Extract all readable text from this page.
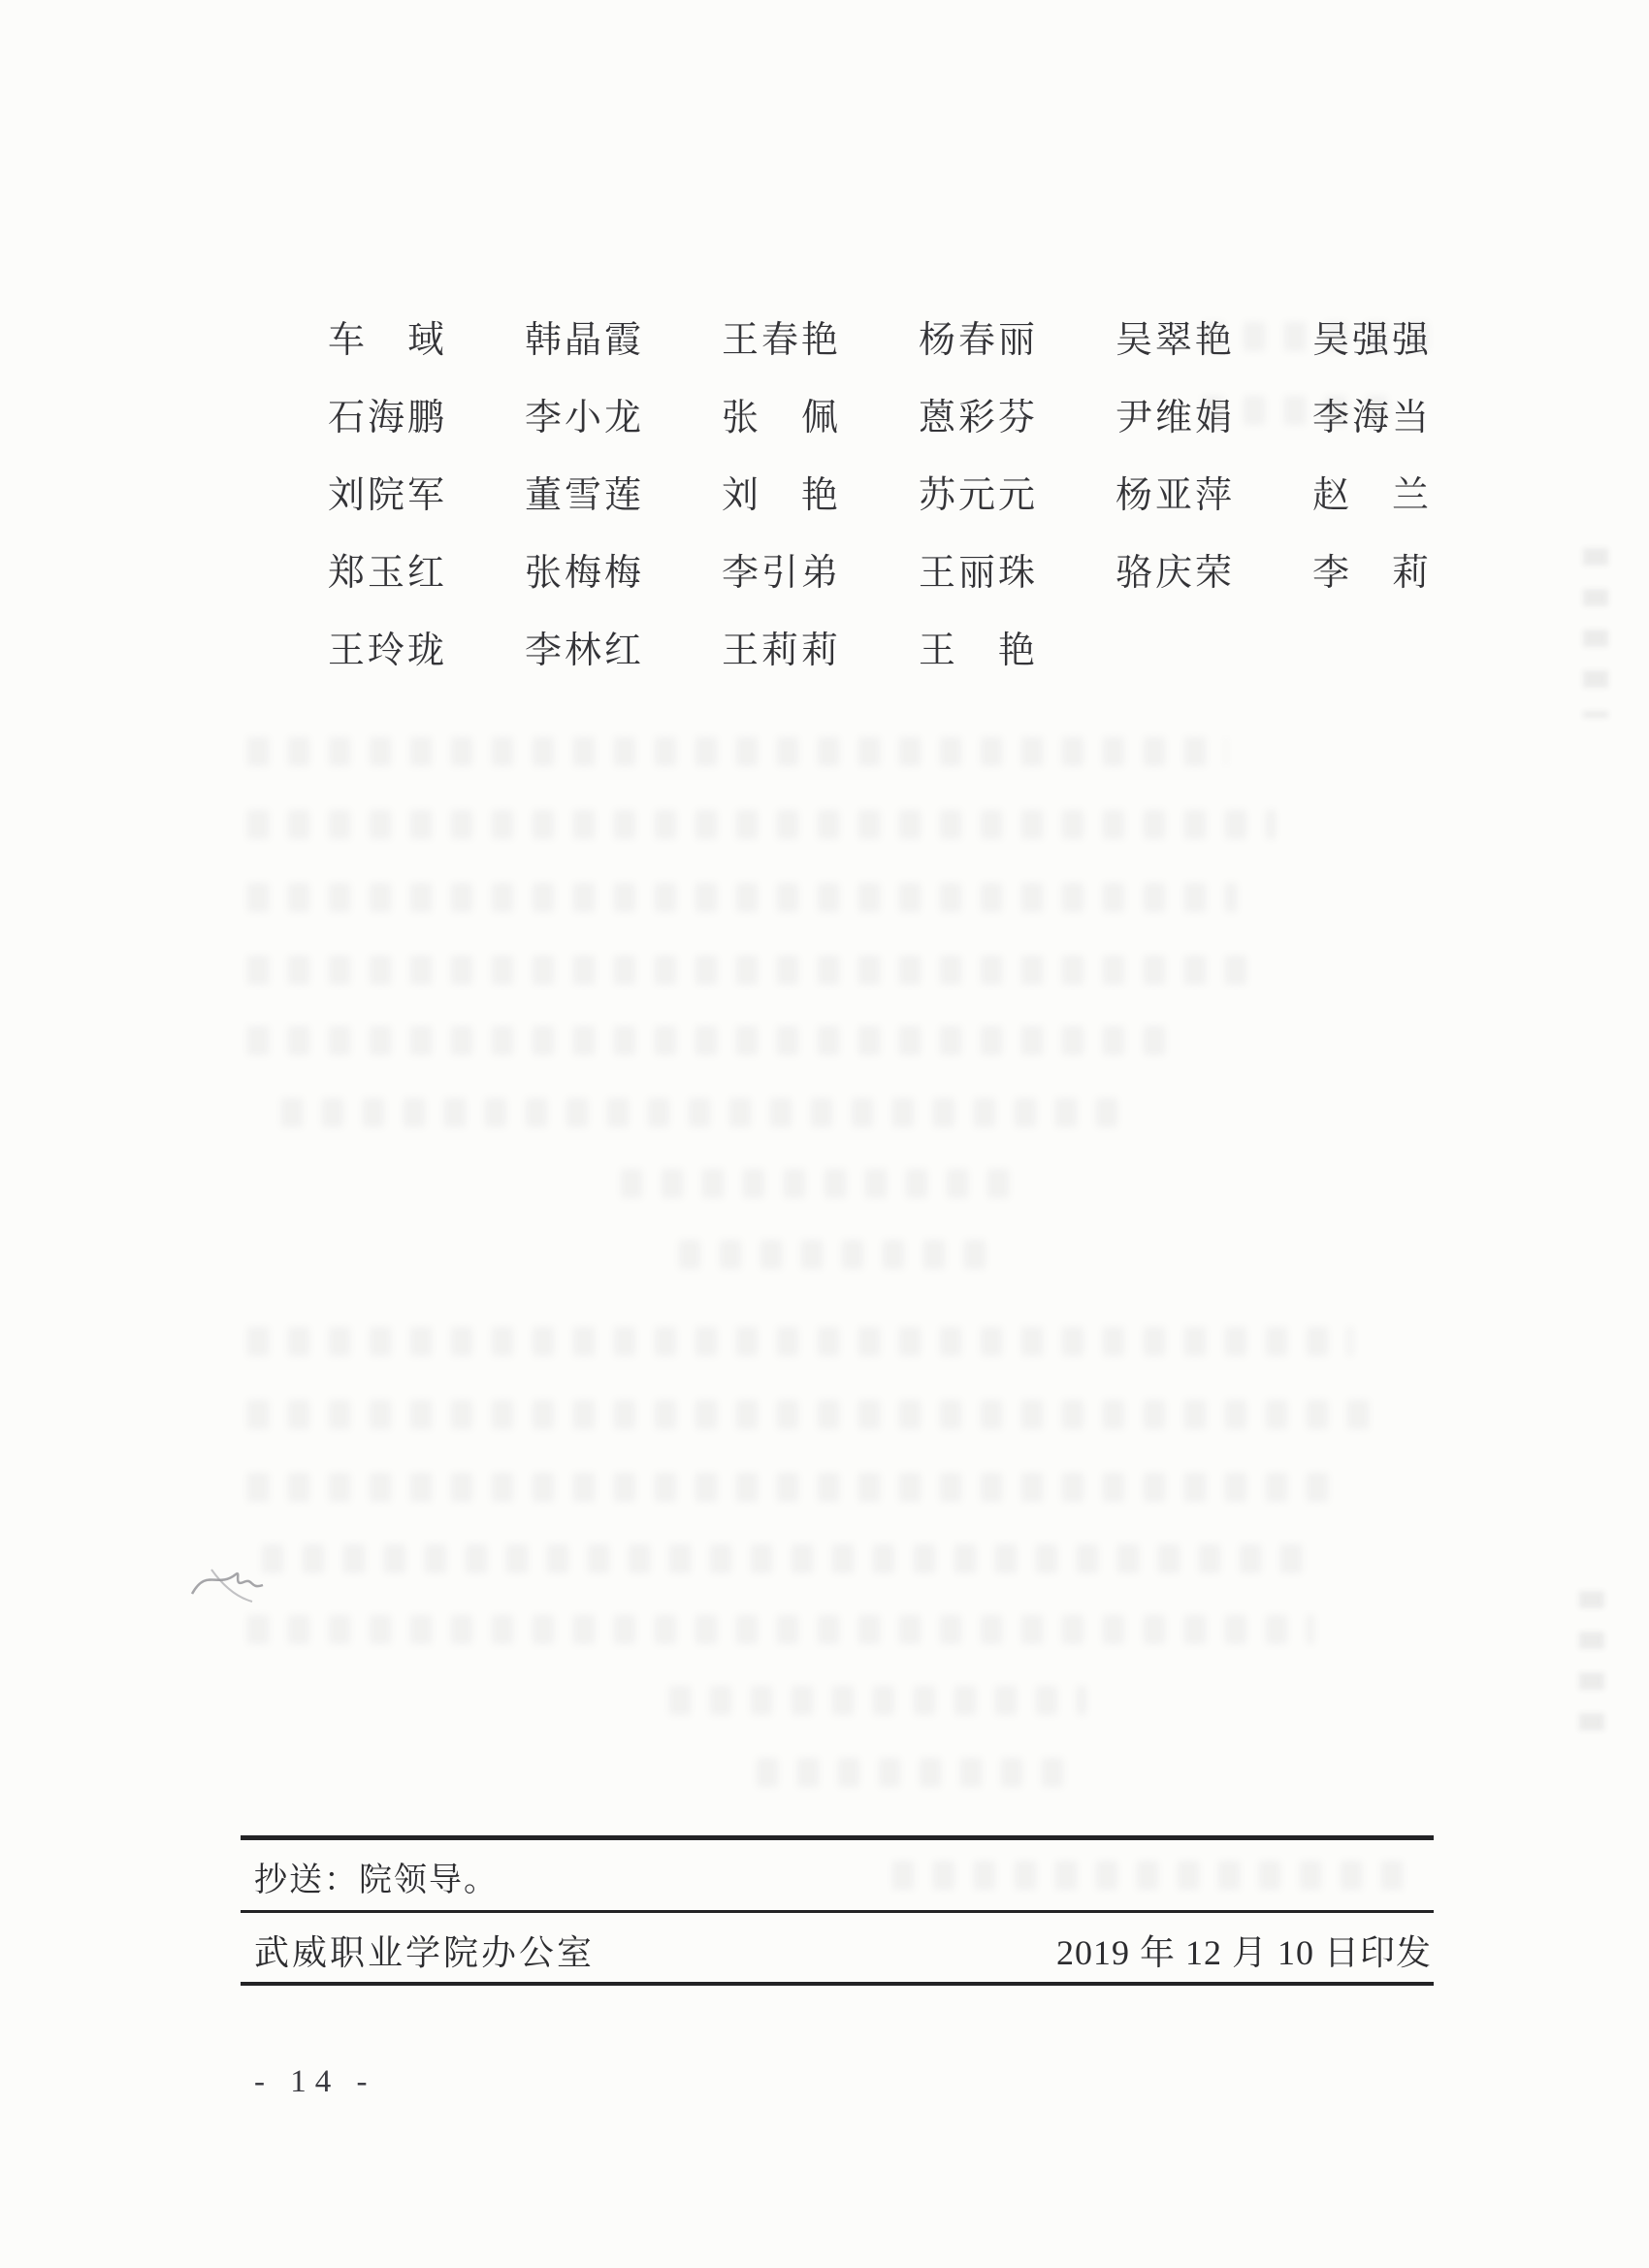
车　琙	韩晶霞	王春艳	杨春丽	吴翠艳	吴强强
石海鹏	李小龙	张　佩	蒽彩芬	尹维娟	李海当
刘院军	董雪莲	刘　艳	苏元元	杨亚萍	赵　兰
郑玉红	张梅梅	李引弟	王丽珠	骆庆荣	李　莉
王玲珑	李林红	王莉莉	王　艳
抄送：院领导。
武威职业学院办公室	2019 年 12 月 10 日印发
- 14 -
